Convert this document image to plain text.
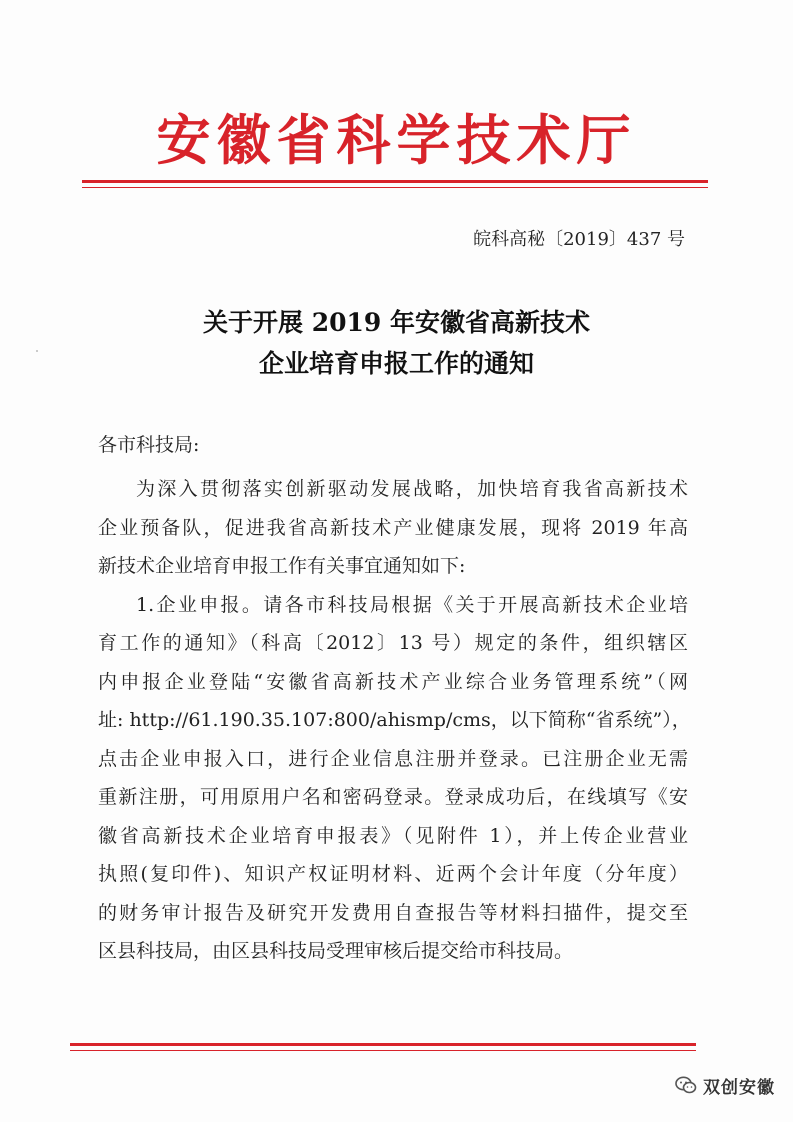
安徽省科学技术厅
皖科高秘〔2019〕437 号
关于开展 2019 年安徽省高新技术
企业培育申报工作的通知
各市科技局:
为深入贯彻落实创新驱动发展战略，加快培育我省高新技术
企业预备队，促进我省高新技术产业健康发展，现将 2019 年高
新技术企业培育申报工作有关事宜通知如下:
1.企业申报。请各市科技局根据《关于开展高新技术企业培
育工作的通知》（科高〔2012〕13 号）规定的条件，组织辖区
内申报企业登陆“安徽省高新技术产业综合业务管理系统”（网
址: http://61.190.35.107:800/ahismp/cms，以下简称“省系统”），
点击企业申报入口，进行企业信息注册并登录。已注册企业无需
重新注册，可用原用户名和密码登录。登录成功后，在线填写《安
徽省高新技术企业培育申报表》（见附件 1），并上传企业营业
执照(复印件)、知识产权证明材料、近两个会计年度（分年度）
的财务审计报告及研究开发费用自查报告等材料扫描件，提交至
区县科技局，由区县科技局受理审核后提交给市科技局。
双创安徽
